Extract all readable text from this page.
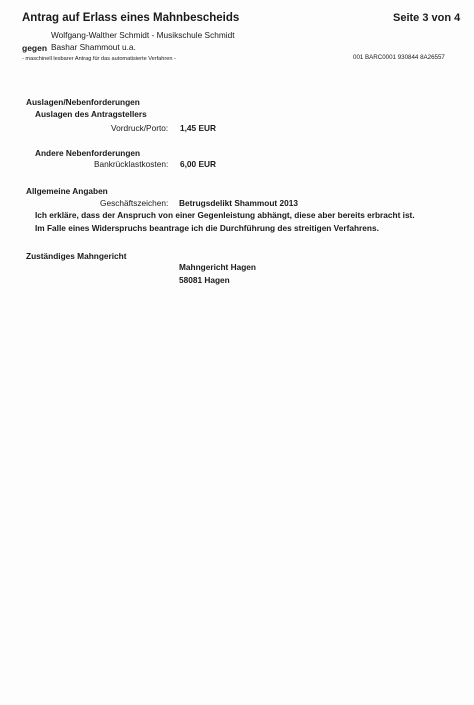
Antrag auf Erlass eines Mahnbescheids	Seite 3 von 4
Wolfgang-Walther Schmidt - Musikschule Schmidt
gegen Bashar Shammout u.a.
- maschinell lesbarer Antrag für das automatisierte Verfahren -	001 BARC0001 930844 8A26557
Auslagen/Nebenforderungen
Auslagen des Antragstellers
Vordruck/Porto: 1,45 EUR
Andere Nebenforderungen
Bankrücklastkosten: 6,00 EUR
Allgemeine Angaben
Geschäftszeichen: Betrugsdelikt Shammout 2013
Ich erkläre, dass der Anspruch von einer Gegenleistung abhängt, diese aber bereits erbracht ist.
Im Falle eines Widerspruchs beantrage ich die Durchführung des streitigen Verfahrens.
Zuständiges Mahngericht
Mahngericht Hagen
58081 Hagen
